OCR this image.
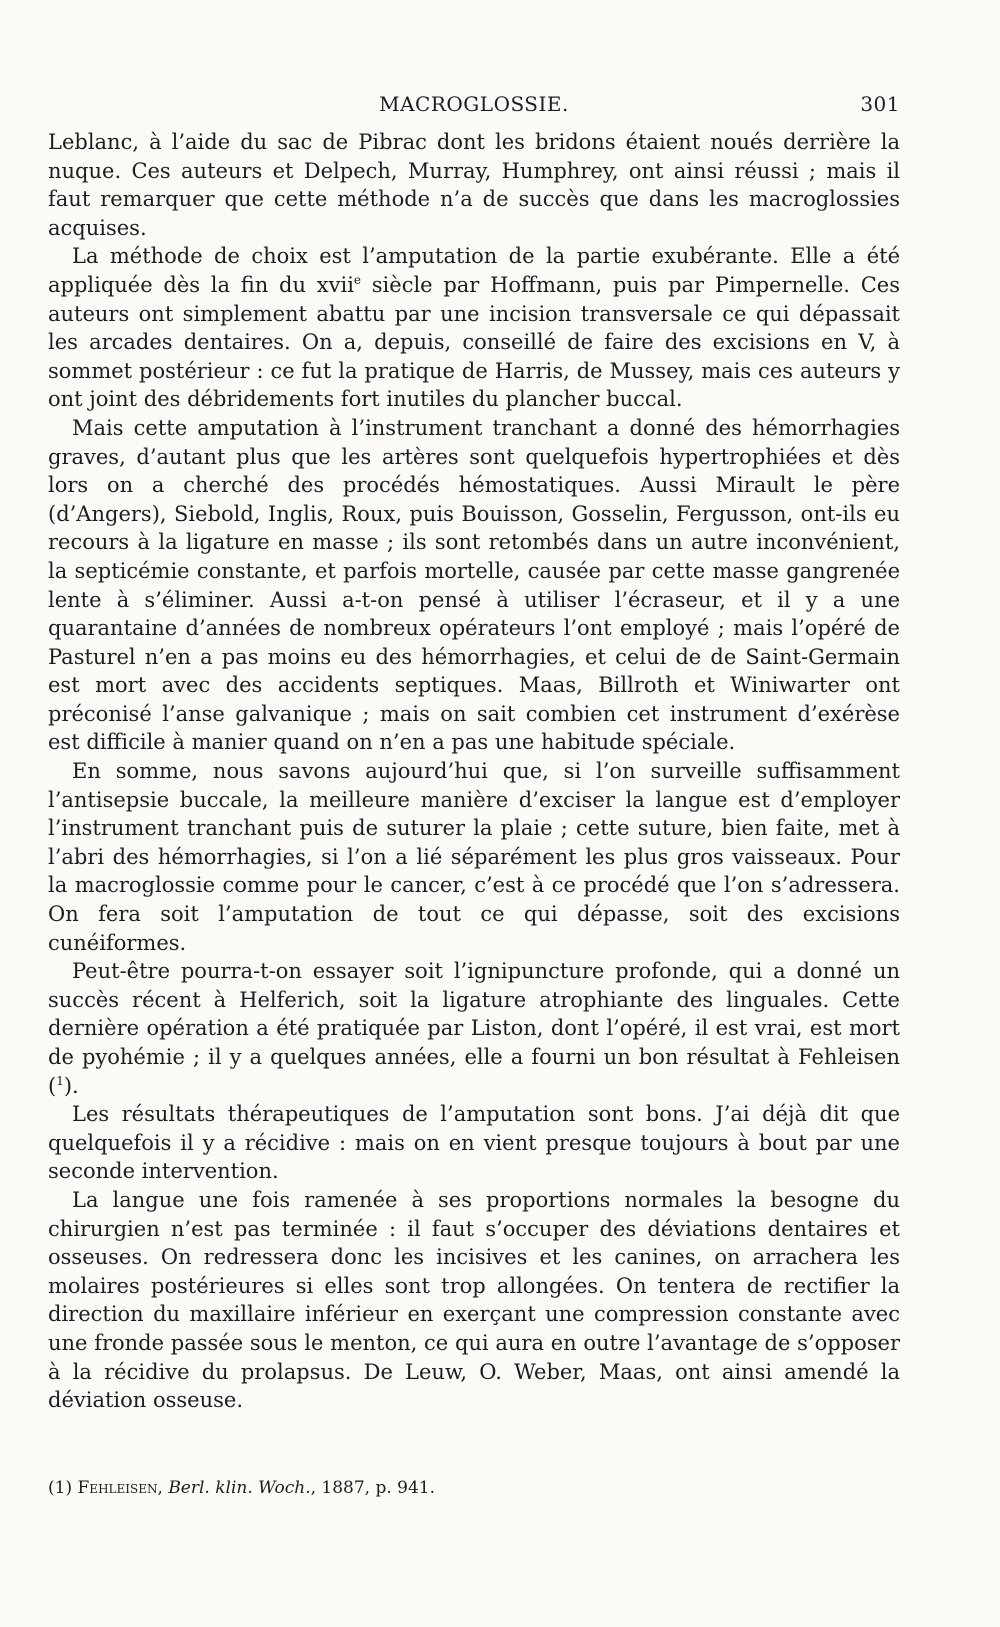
MACROGLOSSIE.	301

Leblanc, à l’aide du sac de Pibrac dont les bridons étaient noués derrière la nuque. Ces auteurs et Delpech, Murray, Humphrey, ont ainsi réussi ; mais il faut remarquer que cette méthode n’a de succès que dans les macroglossies acquises.

La méthode de choix est l’amputation de la partie exubérante. Elle a été appliquée dès la fin du xvii$^e$ siècle par Hoffmann, puis par Pimpernelle. Ces auteurs ont simplement abattu par une incision transversale ce qui dépassait les arcades dentaires. On a, depuis, conseillé de faire des excisions en V, à sommet postérieur : ce fut la pratique de Harris, de Mussey, mais ces auteurs y ont joint des débridements fort inutiles du plancher buccal.

Mais cette amputation à l’instrument tranchant a donné des hémorrhagies graves, d’autant plus que les artères sont quelquefois hypertrophiées et dès lors on a cherché des procédés hémostatiques. Aussi Mirault le père (d’Angers), Siebold, Inglis, Roux, puis Bouisson, Gosselin, Fergusson, ont-ils eu recours à la ligature en masse ; ils sont retombés dans un autre inconvénient, la septicémie constante, et parfois mortelle, causée par cette masse gangrenée lente à s’éliminer. Aussi a-t-on pensé à utiliser l’écraseur, et il y a une quarantaine d’années de nombreux opérateurs l’ont employé ; mais l’opéré de Pasturel n’en a pas moins eu des hémorrhagies, et celui de de Saint-Germain est mort avec des accidents septiques. Maas, Billroth et Winiwarter ont préconisé l’anse galvanique ; mais on sait combien cet instrument d’exérèse est difficile à manier quand on n’en a pas une habitude spéciale.

En somme, nous savons aujourd’hui que, si l’on surveille suffisamment l’antisepsie buccale, la meilleure manière d’exciser la langue est d’employer l’instrument tranchant puis de suturer la plaie ; cette suture, bien faite, met à l’abri des hémorrhagies, si l’on a lié séparément les plus gros vaisseaux. Pour la macroglossie comme pour le cancer, c’est à ce procédé que l’on s’adressera. On fera soit l’amputation de tout ce qui dépasse, soit des excisions cunéiformes.

Peut-être pourra-t-on essayer soit l’ignipuncture profonde, qui a donné un succès récent à Helferich, soit la ligature atrophiante des linguales. Cette dernière opération a été pratiquée par Liston, dont l’opéré, il est vrai, est mort de pyohémie ; il y a quelques années, elle a fourni un bon résultat à Fehleisen ($^1$).

Les résultats thérapeutiques de l’amputation sont bons. J’ai déjà dit que quelquefois il y a récidive : mais on en vient presque toujours à bout par une seconde intervention.

La langue une fois ramenée à ses proportions normales la besogne du chirurgien n’est pas terminée : il faut s’occuper des déviations dentaires et osseuses. On redressera donc les incisives et les canines, on arrachera les molaires postérieures si elles sont trop allongées. On tentera de rectifier la direction du maxillaire inférieur en exerçant une compression constante avec une fronde passée sous le menton, ce qui aura en outre l’avantage de s’opposer à la récidive du prolapsus. De Leuw, O. Weber, Maas, ont ainsi amendé la déviation osseuse.

(1) Fehleisen, Berl. klin. Woch., 1887, p. 941.
